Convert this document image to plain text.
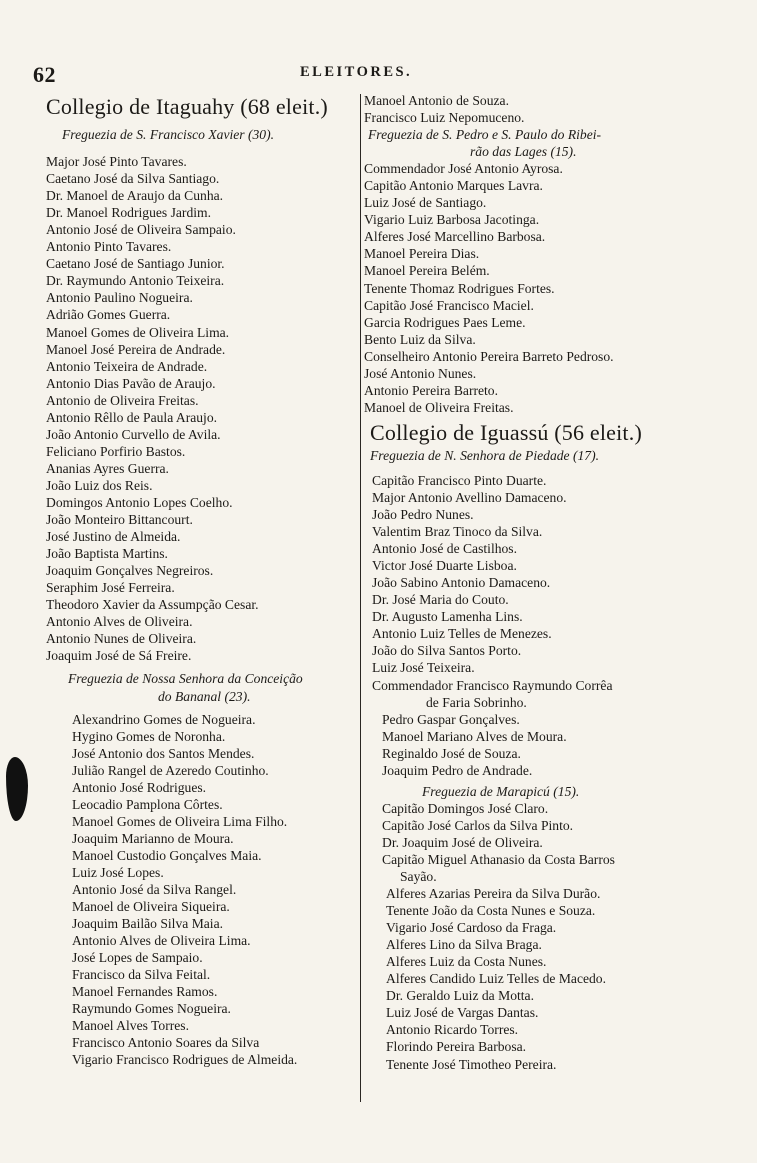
62	ELEITORES.
Collegio de Itaguahy (68 eleit.)
Freguezia de S. Francisco Xavier (30).
Major José Pinto Tavares.
Caetano José da Silva Santiago.
Dr. Manoel de Araujo da Cunha.
Dr. Manoel Rodrigues Jardim.
Antonio José de Oliveira Sampaio.
Antonio Pinto Tavares.
Caetano José de Santiago Junior.
Dr. Raymundo Antonio Teixeira.
Antonio Paulino Nogueira.
Adrião Gomes Guerra.
Manoel Gomes de Oliveira Lima.
Manoel José Pereira de Andrade.
Antonio Teixeira de Andrade.
Antonio Dias Pavão de Araujo.
Antonio de Oliveira Freitas.
Antonio Rêllo de Paula Araujo.
João Antonio Curvello de Avila.
Feliciano Porfirio Bastos.
Ananias Ayres Guerra.
João Luiz dos Reis.
Domingos Antonio Lopes Coelho.
João Monteiro Bittancourt.
José Justino de Almeida.
João Baptista Martins.
Joaquim Gonçalves Negreiros.
Seraphim José Ferreira.
Theodoro Xavier da Assumpção Cesar.
Antonio Alves de Oliveira.
Antonio Nunes de Oliveira.
Joaquim José de Sá Freire.
Freguezia de Nossa Senhora da Conceição
do Bananal (23).
Alexandrino Gomes de Nogueira.
Hygino Gomes de Noronha.
José Antonio dos Santos Mendes.
Julião Rangel de Azeredo Coutinho.
Antonio José Rodrigues.
Leocadio Pamplona Côrtes.
Manoel Gomes de Oliveira Lima Filho.
Joaquim Marianno de Moura.
Manoel Custodio Gonçalves Maia.
Luiz José Lopes.
Antonio José da Silva Rangel.
Manoel de Oliveira Siqueira.
Joaquim Bailão Silva Maia.
Antonio Alves de Oliveira Lima.
José Lopes de Sampaio.
Francisco da Silva Feital.
Manoel Fernandes Ramos.
Raymundo Gomes Nogueira.
Manoel Alves Torres.
Francisco Antonio Soares da Silva
Vigario Francisco Rodrigues de Almeida.
Manoel Antonio de Souza.
Francisco Luiz Nepomuceno.
Freguezia de S. Pedro e S. Paulo do Ribei-
rão das Lages (15).
Commendador José Antonio Ayrosa.
Capitão Antonio Marques Lavra.
Luiz José de Santiago.
Vigario Luiz Barbosa Jacotinga.
Alferes José Marcellino Barbosa.
Manoel Pereira Dias.
Manoel Pereira Belém.
Tenente Thomaz Rodrigues Fortes.
Capitão José Francisco Maciel.
Garcia Rodrigues Paes Leme.
Bento Luiz da Silva.
Conselheiro Antonio Pereira Barreto Pedroso.
José Antonio Nunes.
Antonio Pereira Barreto.
Manoel de Oliveira Freitas.
Collegio de Iguassú (56 eleit.)
Freguezia de N. Senhora de Piedade (17).
Capitão Francisco Pinto Duarte.
Major Antonio Avellino Damaceno.
João Pedro Nunes.
Valentim Braz Tinoco da Silva.
Antonio José de Castilhos.
Victor José Duarte Lisboa.
João Sabino Antonio Damaceno.
Dr. José Maria do Couto.
Dr. Augusto Lamenha Lins.
Antonio Luiz Telles de Menezes.
João do Silva Santos Porto.
Luiz José Teixeira.
Commendador Francisco Raymundo Corrêa
de Faria Sobrinho.
Pedro Gaspar Gonçalves.
Manoel Mariano Alves de Moura.
Reginaldo José de Souza.
Joaquim Pedro de Andrade.
Freguezia de Marapicú (15).
Capitão Domingos José Claro.
Capitão José Carlos da Silva Pinto.
Dr. Joaquim José de Oliveira.
Capitão Miguel Athanasio da Costa Barros
Sayão.
Alferes Azarias Pereira da Silva Durão.
Tenente João da Costa Nunes e Souza.
Vigario José Cardoso da Fraga.
Alferes Lino da Silva Braga.
Alferes Luiz da Costa Nunes.
Alferes Candido Luiz Telles de Macedo.
Dr. Geraldo Luiz da Motta.
Luiz José de Vargas Dantas.
Antonio Ricardo Torres.
Florindo Pereira Barbosa.
Tenente José Timotheo Pereira.
